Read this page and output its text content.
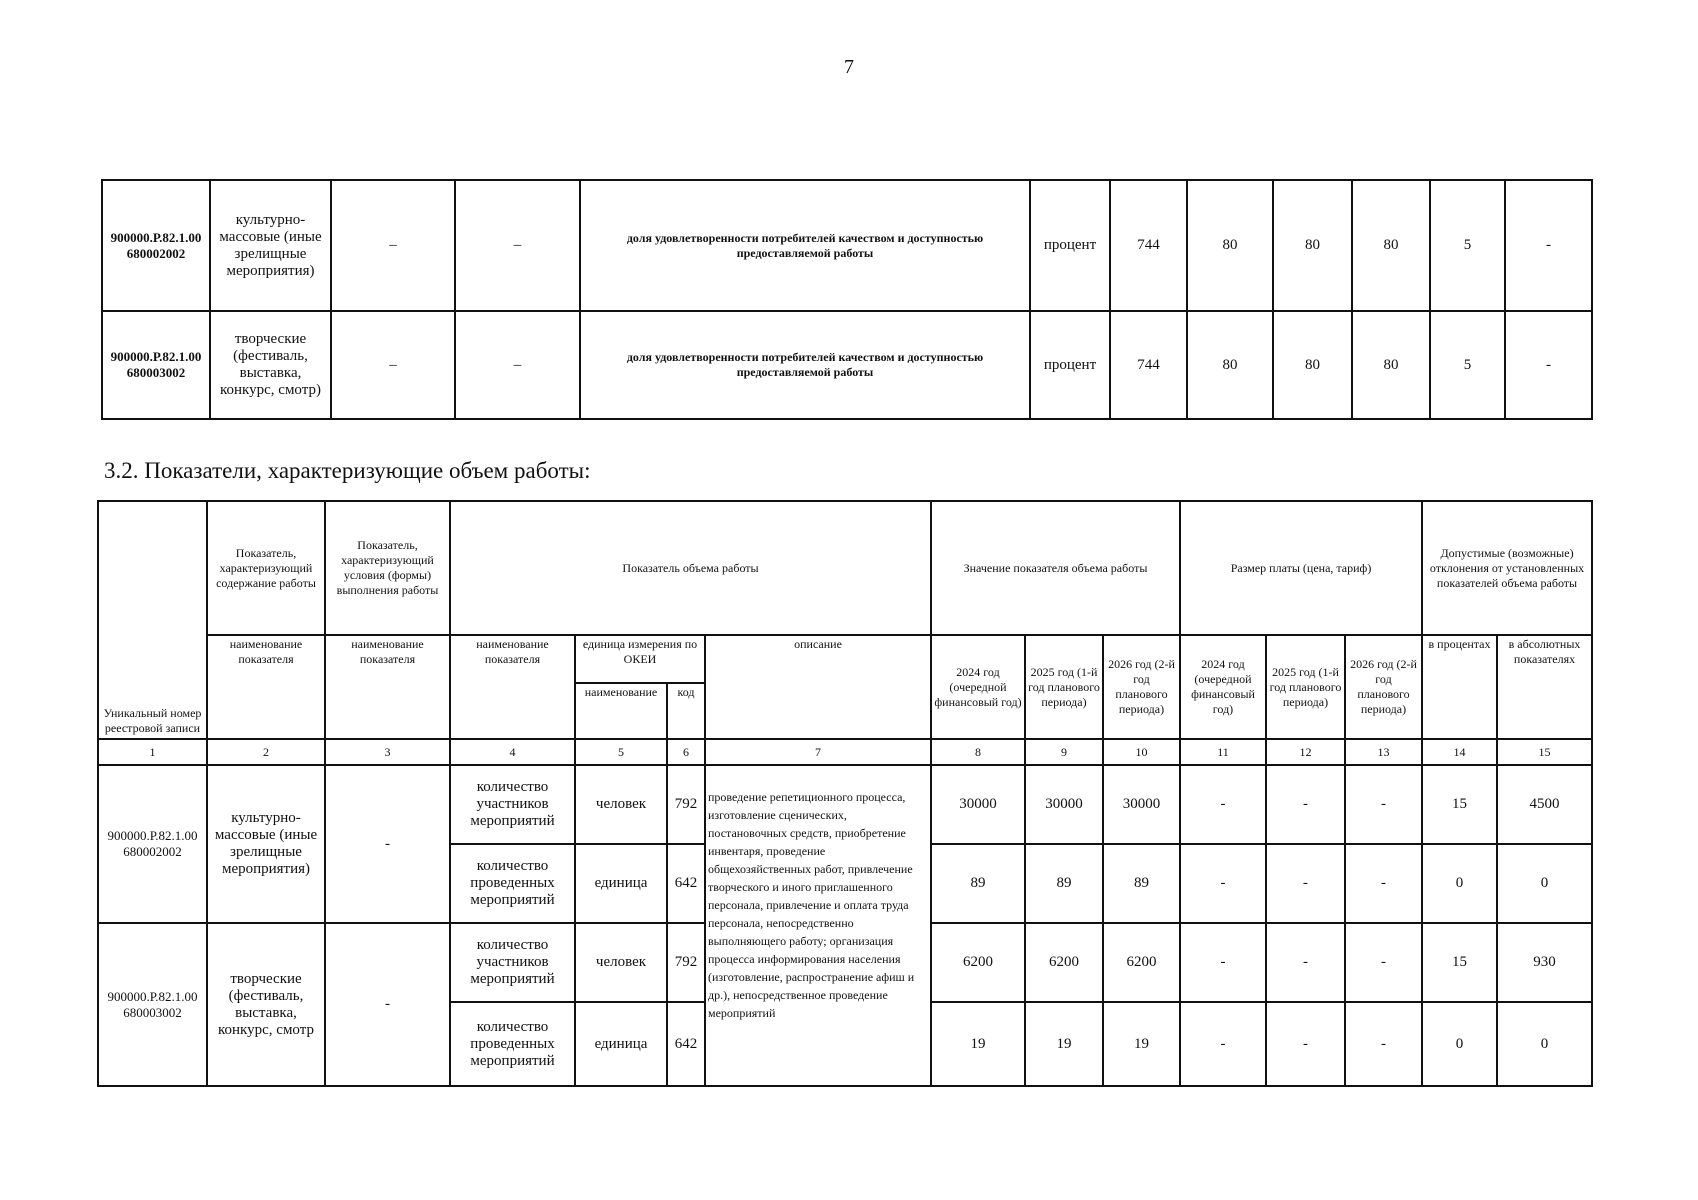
7
900000.Р.82.1.00 680002002	культурно-массовые (иные зрелищные мероприятия)	–	–	доля удовлетворенности потребителей качеством и доступностью предоставляемой работы	процент	744	80	80	80	5	-
900000.Р.82.1.00 680003002	творческие (фестиваль, выставка, конкурс, смотр)	–	–	доля удовлетворенности потребителей качеством и доступностью предоставляемой работы	процент	744	80	80	80	5	-
3.2. Показатели, характеризующие объем работы:
Уникальный номер реестровой записи	Показатель, характеризующий содержание работы	Показатель, характеризующий условия (формы) выполнения работы	Показатель объема работы				Значение показателя объема работы			Размер платы (цена, тариф)			Допустимые (возможные) отклонения от установленных показателей объема работы	
	наименование показателя	наименование показателя	наименование показателя	единица измерения по ОКЕИ		описание	2024 год (очередной финансовый год)	2025 год (1-й год планового периода)	2026 год (2-й год планового периода)	2024 год (очередной финансовый год)	2025 год (1-й год планового периода)	2026 год (2-й год планового периода)	в процентах	в абсолютных показателях
				наименование	код									
1	2	3	4	5	6	7	8	9	10	11	12	13	14	15
900000.Р.82.1.00 680002002	культурно-массовые (иные зрелищные мероприятия)	-	количество участников мероприятий	человек	792	проведение репетиционного процесса, изготовление сценических, постановочных средств, приобретение инвентаря, проведение общехозяйственных работ, привлечение творческого и иного приглашенного персонала, привлечение и оплата труда персонала, непосредственно выполняющего работу; организация процесса информирования населения (изготовление, распространение афиш и др.), непосредственное проведение мероприятий	30000	30000	30000	-	-	-	15	4500
			количество проведенных мероприятий	единица	642		89	89	89	-	-	-	0	0
900000.Р.82.1.00 680003002	творческие (фестиваль, выставка, конкурс, смотр	-	количество участников мероприятий	человек	792		6200	6200	6200	-	-	-	15	930
			количество проведенных мероприятий	единица	642		19	19	19	-	-	-	0	0
